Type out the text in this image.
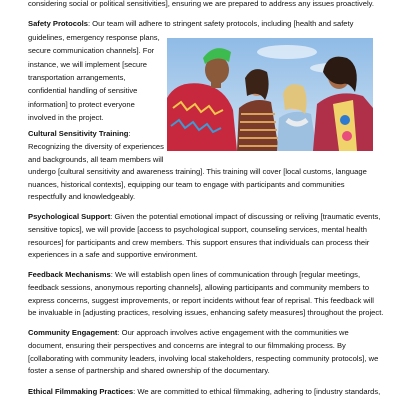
considering social or political sensitivities], ensuring we are prepared to address any issues proactively.
Safety Protocols: Our team will adhere to stringent safety protocols, including [health and safety
guidelines, emergency response plans,
secure communication channels]. For
instance, we will implement [secure
transportation arrangements,
confidential handling of sensitive
information] to protect everyone
involved in the project.
Cultural Sensitivity Training:
Recognizing the diversity of experiences
and backgrounds, all team members will
undergo [cultural sensitivity and awareness training]. This training will cover [local customs, language
nuances, historical contexts], equipping our team to engage with participants and communities
respectfully and knowledgeably.
Psychological Support: Given the potential emotional impact of discussing or reliving [traumatic events,
sensitive topics], we will provide [access to psychological support, counseling services, mental health
resources] for participants and crew members. This support ensures that individuals can process their
experiences in a safe and supportive environment.
Feedback Mechanisms: We will establish open lines of communication through [regular meetings,
feedback sessions, anonymous reporting channels], allowing participants and community members to
express concerns, suggest improvements, or report incidents without fear of reprisal. This feedback will
be invaluable in [adjusting practices, resolving issues, enhancing safety measures] throughout the project.
Community Engagement: Our approach involves active engagement with the communities we
document, ensuring their perspectives and concerns are integral to our filmmaking process. By
[collaborating with community leaders, involving local stakeholders, respecting community protocols], we
foster a sense of partnership and shared ownership of the documentary.
Ethical Filmmaking Practices: We are committed to ethical filmmaking, adhering to [industry standards,
